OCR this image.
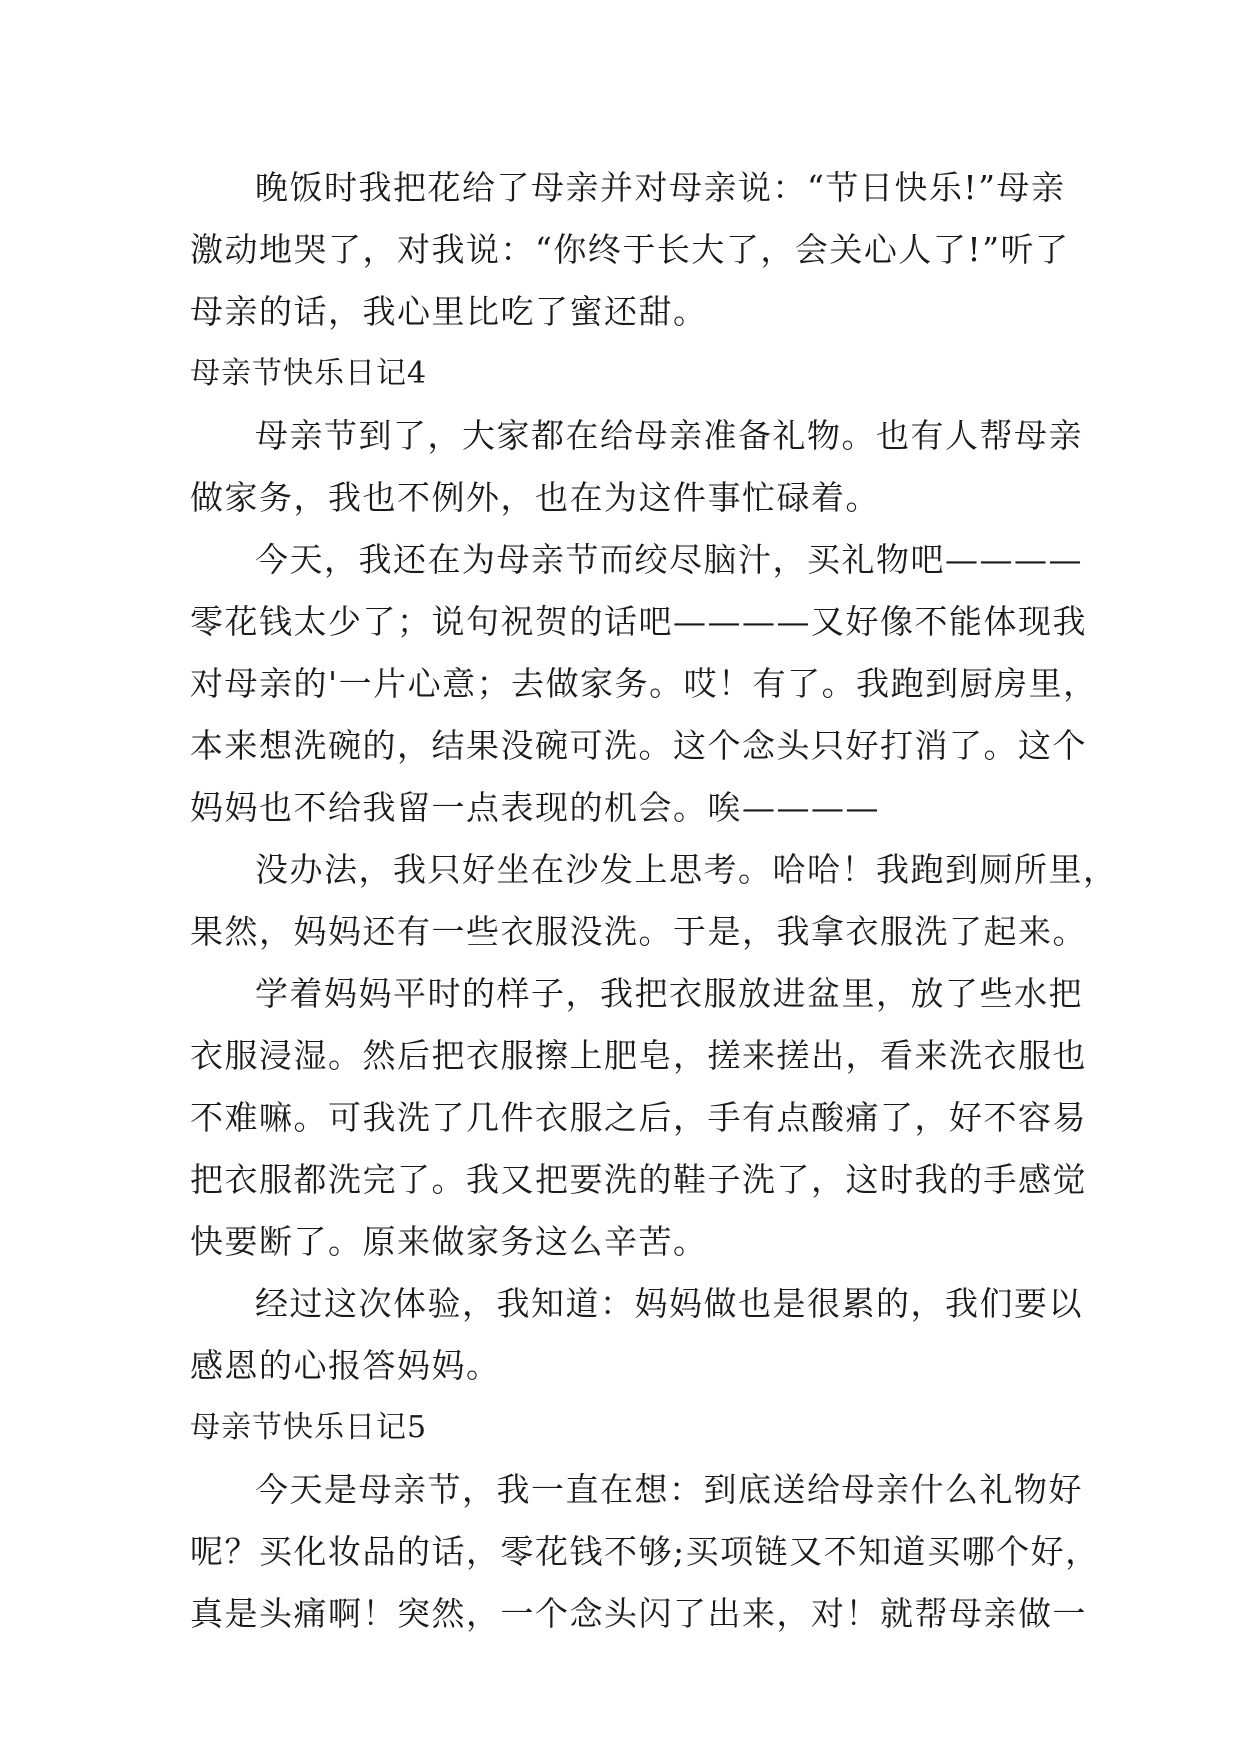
晚饭时我把花给了母亲并对母亲说：“节日快乐!”母亲
激动地哭了，对我说：“你终于长大了，会关心人了!”听了
母亲的话，我心里比吃了蜜还甜。
母亲节快乐日记4
母亲节到了，大家都在给母亲准备礼物。也有人帮母亲
做家务，我也不例外，也在为这件事忙碌着。
今天，我还在为母亲节而绞尽脑汁，买礼物吧————
零花钱太少了；说句祝贺的话吧————又好像不能体现我
对母亲的'一片心意；去做家务。哎！有了。我跑到厨房里，
本来想洗碗的，结果没碗可洗。这个念头只好打消了。这个
妈妈也不给我留一点表现的机会。唉————
没办法，我只好坐在沙发上思考。哈哈！我跑到厕所里，
果然，妈妈还有一些衣服没洗。于是，我拿衣服洗了起来。
学着妈妈平时的样子，我把衣服放进盆里，放了些水把
衣服浸湿。然后把衣服擦上肥皂，搓来搓出，看来洗衣服也
不难嘛。可我洗了几件衣服之后，手有点酸痛了，好不容易
把衣服都洗完了。我又把要洗的鞋子洗了，这时我的手感觉
快要断了。原来做家务这么辛苦。
经过这次体验，我知道：妈妈做也是很累的，我们要以
感恩的心报答妈妈。
母亲节快乐日记5
今天是母亲节，我一直在想：到底送给母亲什么礼物好
呢？买化妆品的话，零花钱不够;买项链又不知道买哪个好，
真是头痛啊！突然，一个念头闪了出来，对！就帮母亲做一
